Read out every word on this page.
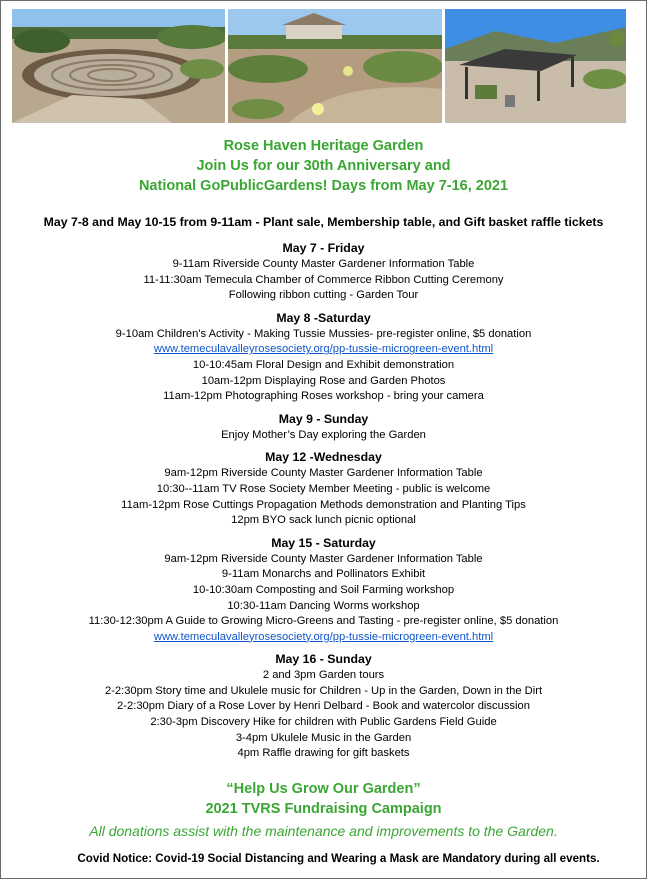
Rose Haven Heritage Garden
Join Us for our 30th Anniversary and
National GoPublicGardens! Days from May 7-16, 2021
May 7-8 and May 10-15 from 9-11am - Plant sale, Membership table, and Gift basket raffle tickets
May 7 - Friday
9-11am Riverside County Master Gardener Information Table
11-11:30am Temecula Chamber of Commerce Ribbon Cutting Ceremony
Following ribbon cutting - Garden Tour
May 8 -Saturday
9-10am Children's Activity - Making Tussie Mussies- pre-register online, $5 donation
www.temeculavalleyrosesociety.org/pp-tussie-microgreen-event.html
10-10:45am Floral Design and Exhibit demonstration
10am-12pm Displaying Rose and Garden Photos
11am-12pm Photographing Roses workshop - bring your camera
May 9 - Sunday
Enjoy Mother’s Day exploring the Garden
May 12 -Wednesday
9am-12pm Riverside County Master Gardener Information Table
10:30--11am TV Rose Society Member Meeting - public is welcome
11am-12pm Rose Cuttings Propagation Methods demonstration and Planting Tips
12pm BYO sack lunch picnic optional
May 15 - Saturday
9am-12pm Riverside County Master Gardener Information Table
9-11am Monarchs and Pollinators Exhibit
10-10:30am Composting and Soil Farming workshop
10:30-11am Dancing Worms workshop
11:30-12:30pm A Guide to Growing Micro-Greens and Tasting - pre-register online, $5 donation
www.temeculavalleyrosesociety.org/pp-tussie-microgreen-event.html
May 16 - Sunday
2 and 3pm Garden tours
2-2:30pm Story time and Ukulele music for Children - Up in the Garden, Down in the Dirt
2-2:30pm Diary of a Rose Lover by Henri Delbard - Book and watercolor discussion
2:30-3pm Discovery Hike for children with Public Gardens Field Guide
3-4pm Ukulele Music in the Garden
4pm Raffle drawing for gift baskets
“Help Us Grow Our Garden”
2021 TVRS Fundraising Campaign
All donations assist with the maintenance and improvements to the Garden.
Covid Notice: Covid-19 Social Distancing and Wearing a Mask are Mandatory during all events.
